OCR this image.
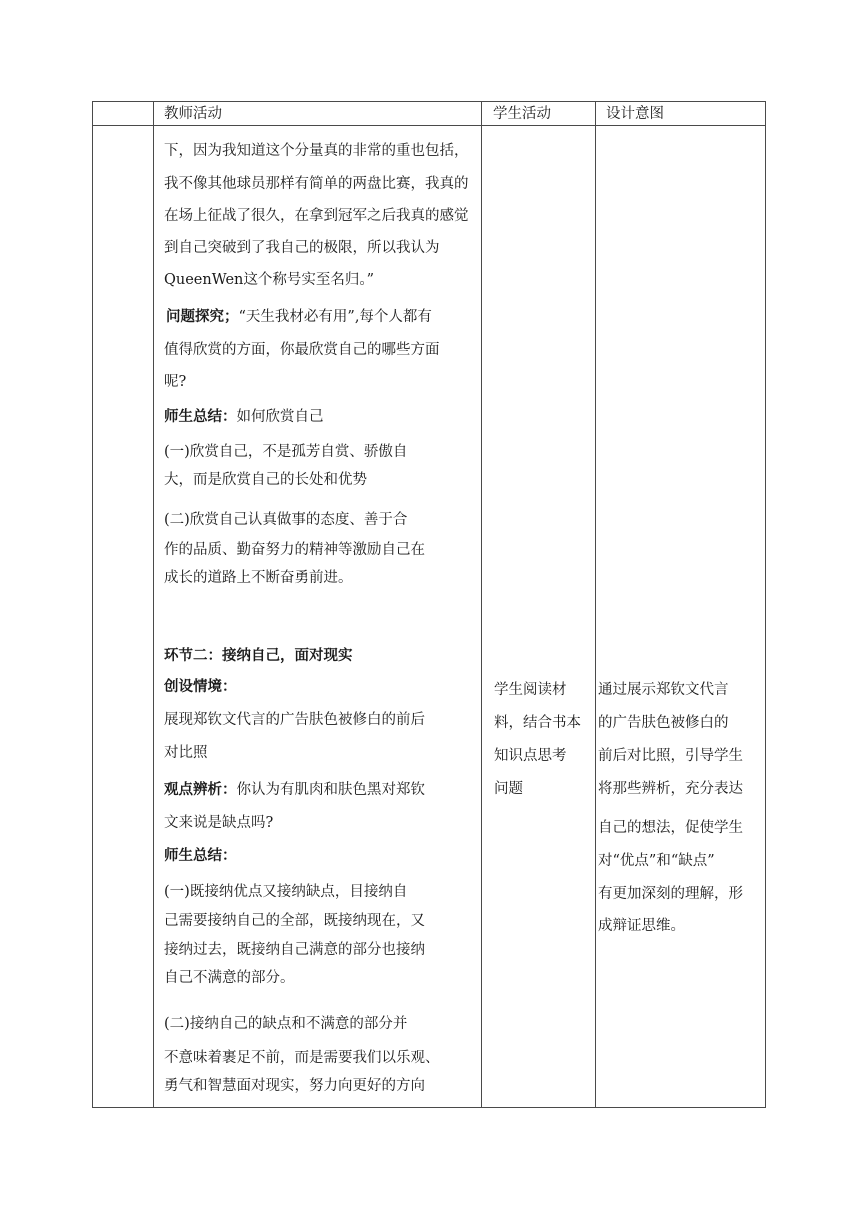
教师活动	学生活动	设计意图
下，因为我知道这个分量真的非常的重也包括，
我不像其他球员那样有简单的两盘比赛，我真的
在场上征战了很久，在拿到冠军之后我真的感觉
到自己突破到了我自己的极限，所以我认为
QueenWen这个称号实至名归。”
问题探究；“天生我材必有用”,每个人都有
值得欣赏的方面，你最欣赏自己的哪些方面
呢?
师生总结：如何欣赏自己
(一)欣赏自己，不是孤芳自赏、骄傲自
大，而是欣赏自己的长处和优势
(二)欣赏自己认真做事的态度、善于合
作的品质、勤奋努力的精神等激励自己在
成长的道路上不断奋勇前进。
环节二：接纳自己，面对现实
创设情境：
展现郑钦文代言的广告肤色被修白的前后
对比照
观点辨析：你认为有肌肉和肤色黑对郑钦
文来说是缺点吗?
师生总结：
(一)既接纳优点又接纳缺点，目接纳自
己需要接纳自己的全部，既接纳现在，又
接纳过去，既接纳自己满意的部分也接纳
自己不满意的部分。
(二)接纳自己的缺点和不满意的部分并
不意味着裹足不前，而是需要我们以乐观、
勇气和智慧面对现实，努力向更好的方向
学生阅读材
料，结合书本
知识点思考
问题
通过展示郑钦文代言
的广告肤色被修白的
前后对比照，引导学生
将那些辨析，充分表达
自己的想法，促使学生
对“优点”和“缺点”
有更加深刻的理解，形
成辩证思维。
